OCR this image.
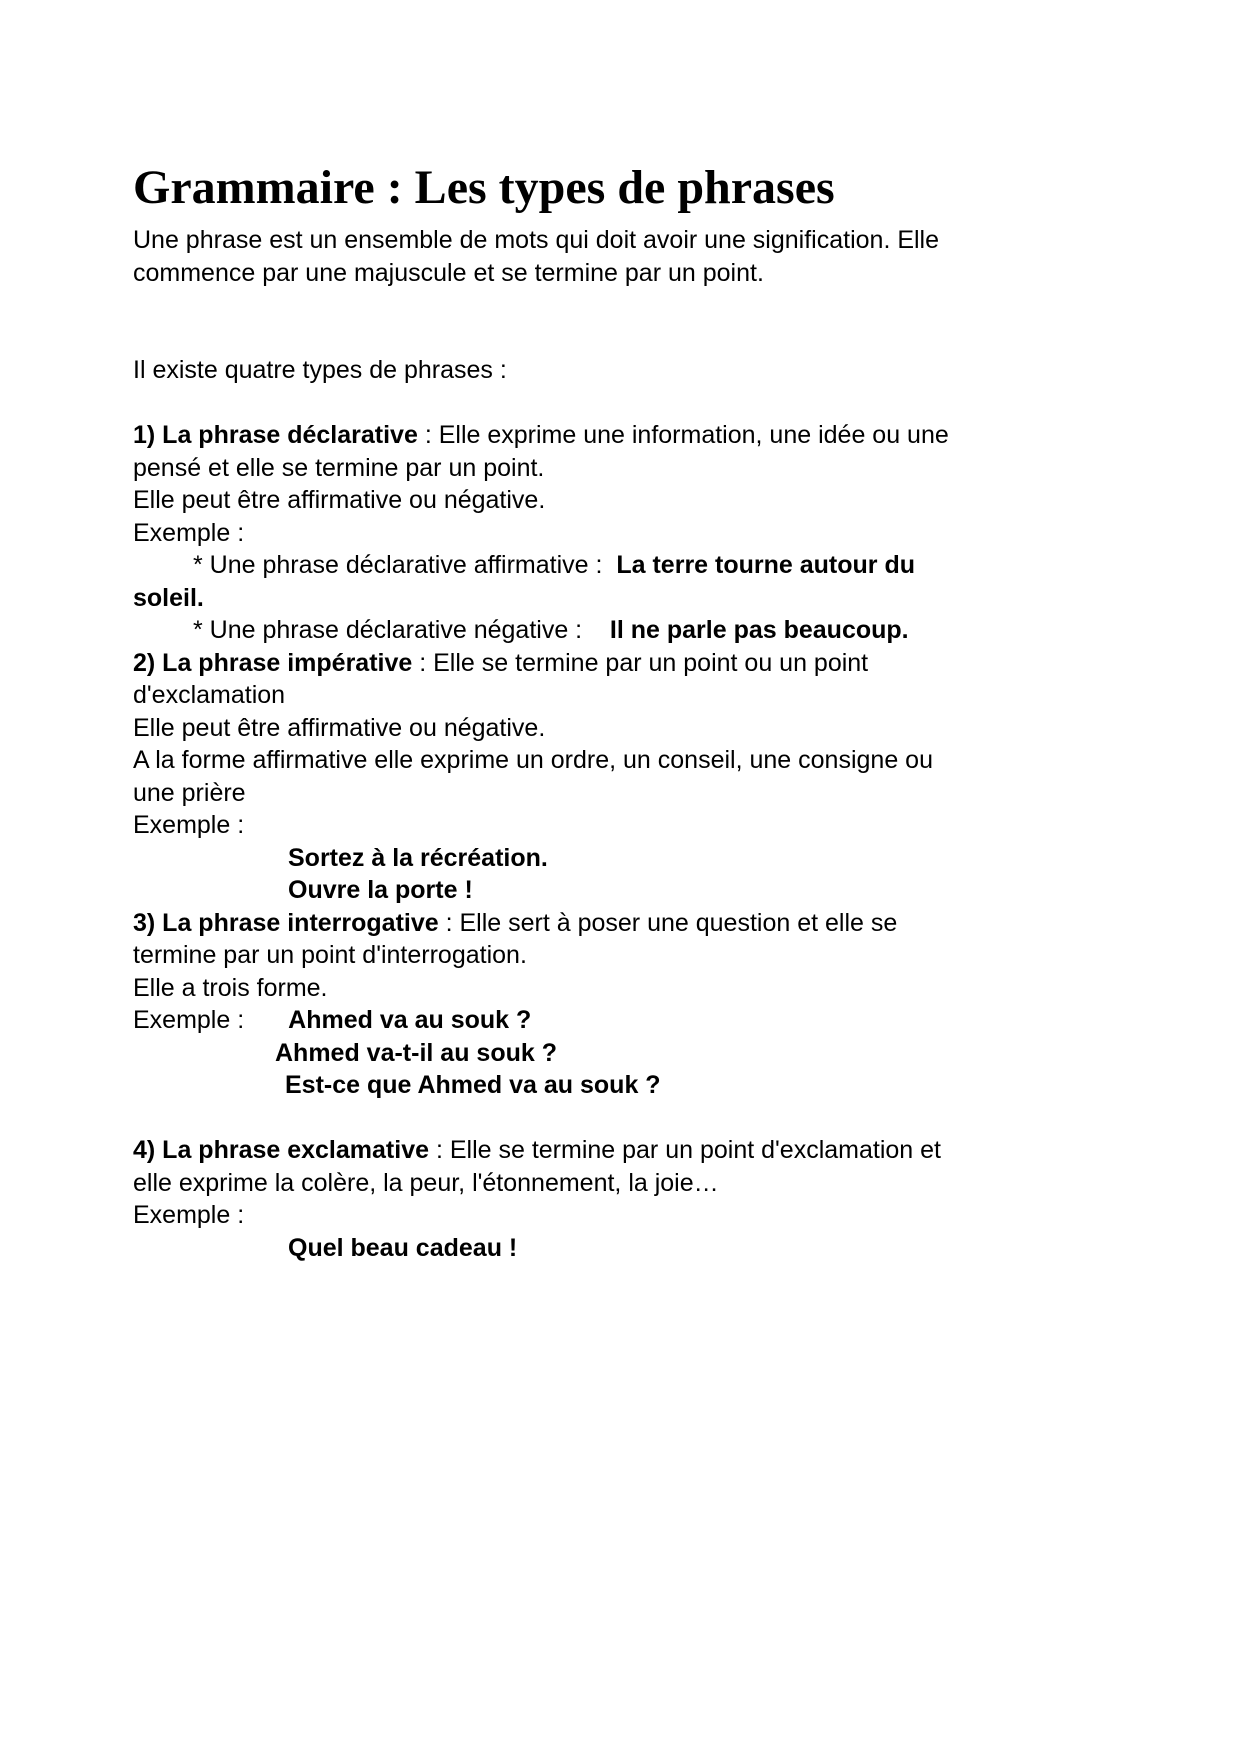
Grammaire : Les types de phrases
Une phrase est un ensemble de mots qui doit avoir une signification. Elle
commence par une majuscule et se termine par un point.
Il existe quatre types de phrases :
1) La phrase déclarative : Elle exprime une information, une idée ou une
pensé et elle se termine par un point.
Elle peut être affirmative ou négative.
Exemple :
* Une phrase déclarative affirmative :  La terre tourne autour du
soleil.
* Une phrase déclarative négative :    Il ne parle pas beaucoup.
2) La phrase impérative : Elle se termine par un point ou un point
d'exclamation
Elle peut être affirmative ou négative.
A la forme affirmative elle exprime un ordre, un conseil, une consigne ou
une prière
Exemple :
Sortez à la récréation.
Ouvre la porte !
3) La phrase interrogative : Elle sert à poser une question et elle se
termine par un point d'interrogation.
Elle a trois forme.
Exemple : Ahmed va au souk ?
Ahmed va-t-il au souk ?
Est-ce que Ahmed va au souk ?
4) La phrase exclamative : Elle se termine par un point d'exclamation et
elle exprime la colère, la peur, l'étonnement, la joie…
Exemple :
Quel beau cadeau !
